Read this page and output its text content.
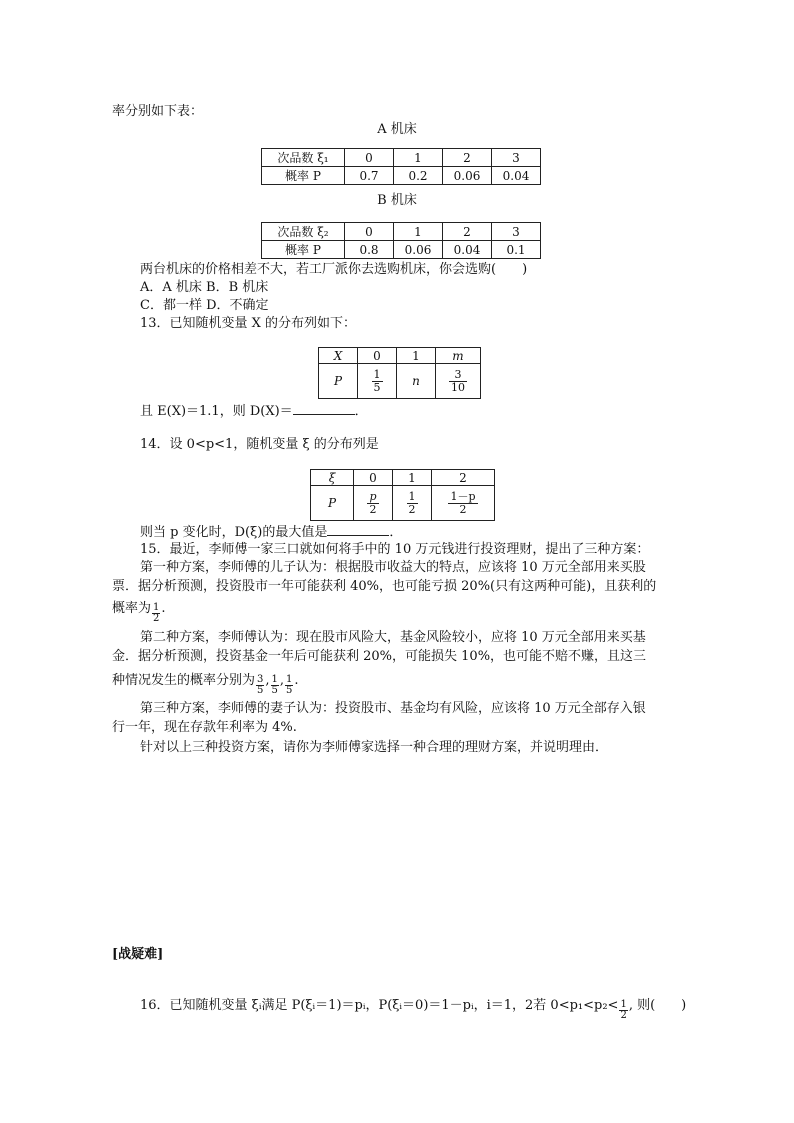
率分别如下表：
A 机床
次品数 ξ₁	0	1	2	3
概率 P	0.7	0.2	0.06	0.04
B 机床
次品数 ξ₂	0	1	2	3
概率 P	0.8	0.06	0.04	0.1
两台机床的价格相差不大，若工厂派你去选购机床，你会选购(　　)
A．A 机床 B．B 机床
C．都一样 D．不确定
13．已知随机变量 X 的分布列如下：
X	0	1	m
P	$\frac{1}{5}$	n	$\frac{3}{10}$
且 E(X)＝1.1，则 D(X)＝	．
14．设 0<p<1，随机变量 ξ 的分布列是
ξ	0	1	2
P	$\frac{p}{2}$	$\frac{1}{2}$	$\frac{1-p}{2}$
则当 p 变化时，D(ξ)的最大值是	．
15．最近，李师傅一家三口就如何将手中的 10 万元钱进行投资理财，提出了三种方案：
第一种方案，李师傅的儿子认为：根据股市收益大的特点，应该将 10 万元全部用来买股
票．据分析预测，投资股市一年可能获利 40%，也可能亏损 20%(只有这两种可能)，且获利的
概率为 $\frac{1}{2}$ .
第二种方案，李师傅认为：现在股市风险大，基金风险较小，应将 10 万元全部用来买基
金．据分析预测，投资基金一年后可能获利 20%，可能损失 10%，也可能不赔不赚，且这三
种情况发生的概率分别为 $\frac{3}{5}$ , $\frac{1}{5}$ , $\frac{1}{5}$ .
第三种方案，李师傅的妻子认为：投资股市、基金均有风险，应该将 10 万元全部存入银
行一年，现在存款年利率为 4%.
针对以上三种投资方案，请你为李师傅家选择一种合理的理财方案，并说明理由．
[战疑难]
16．已知随机变量 ξᵢ满足 P(ξᵢ＝1)＝pᵢ，P(ξᵢ＝0)＝1－pᵢ，i＝1，2若 $0<p_1<p_2< \frac{1}{2}$ , 则(　　)
